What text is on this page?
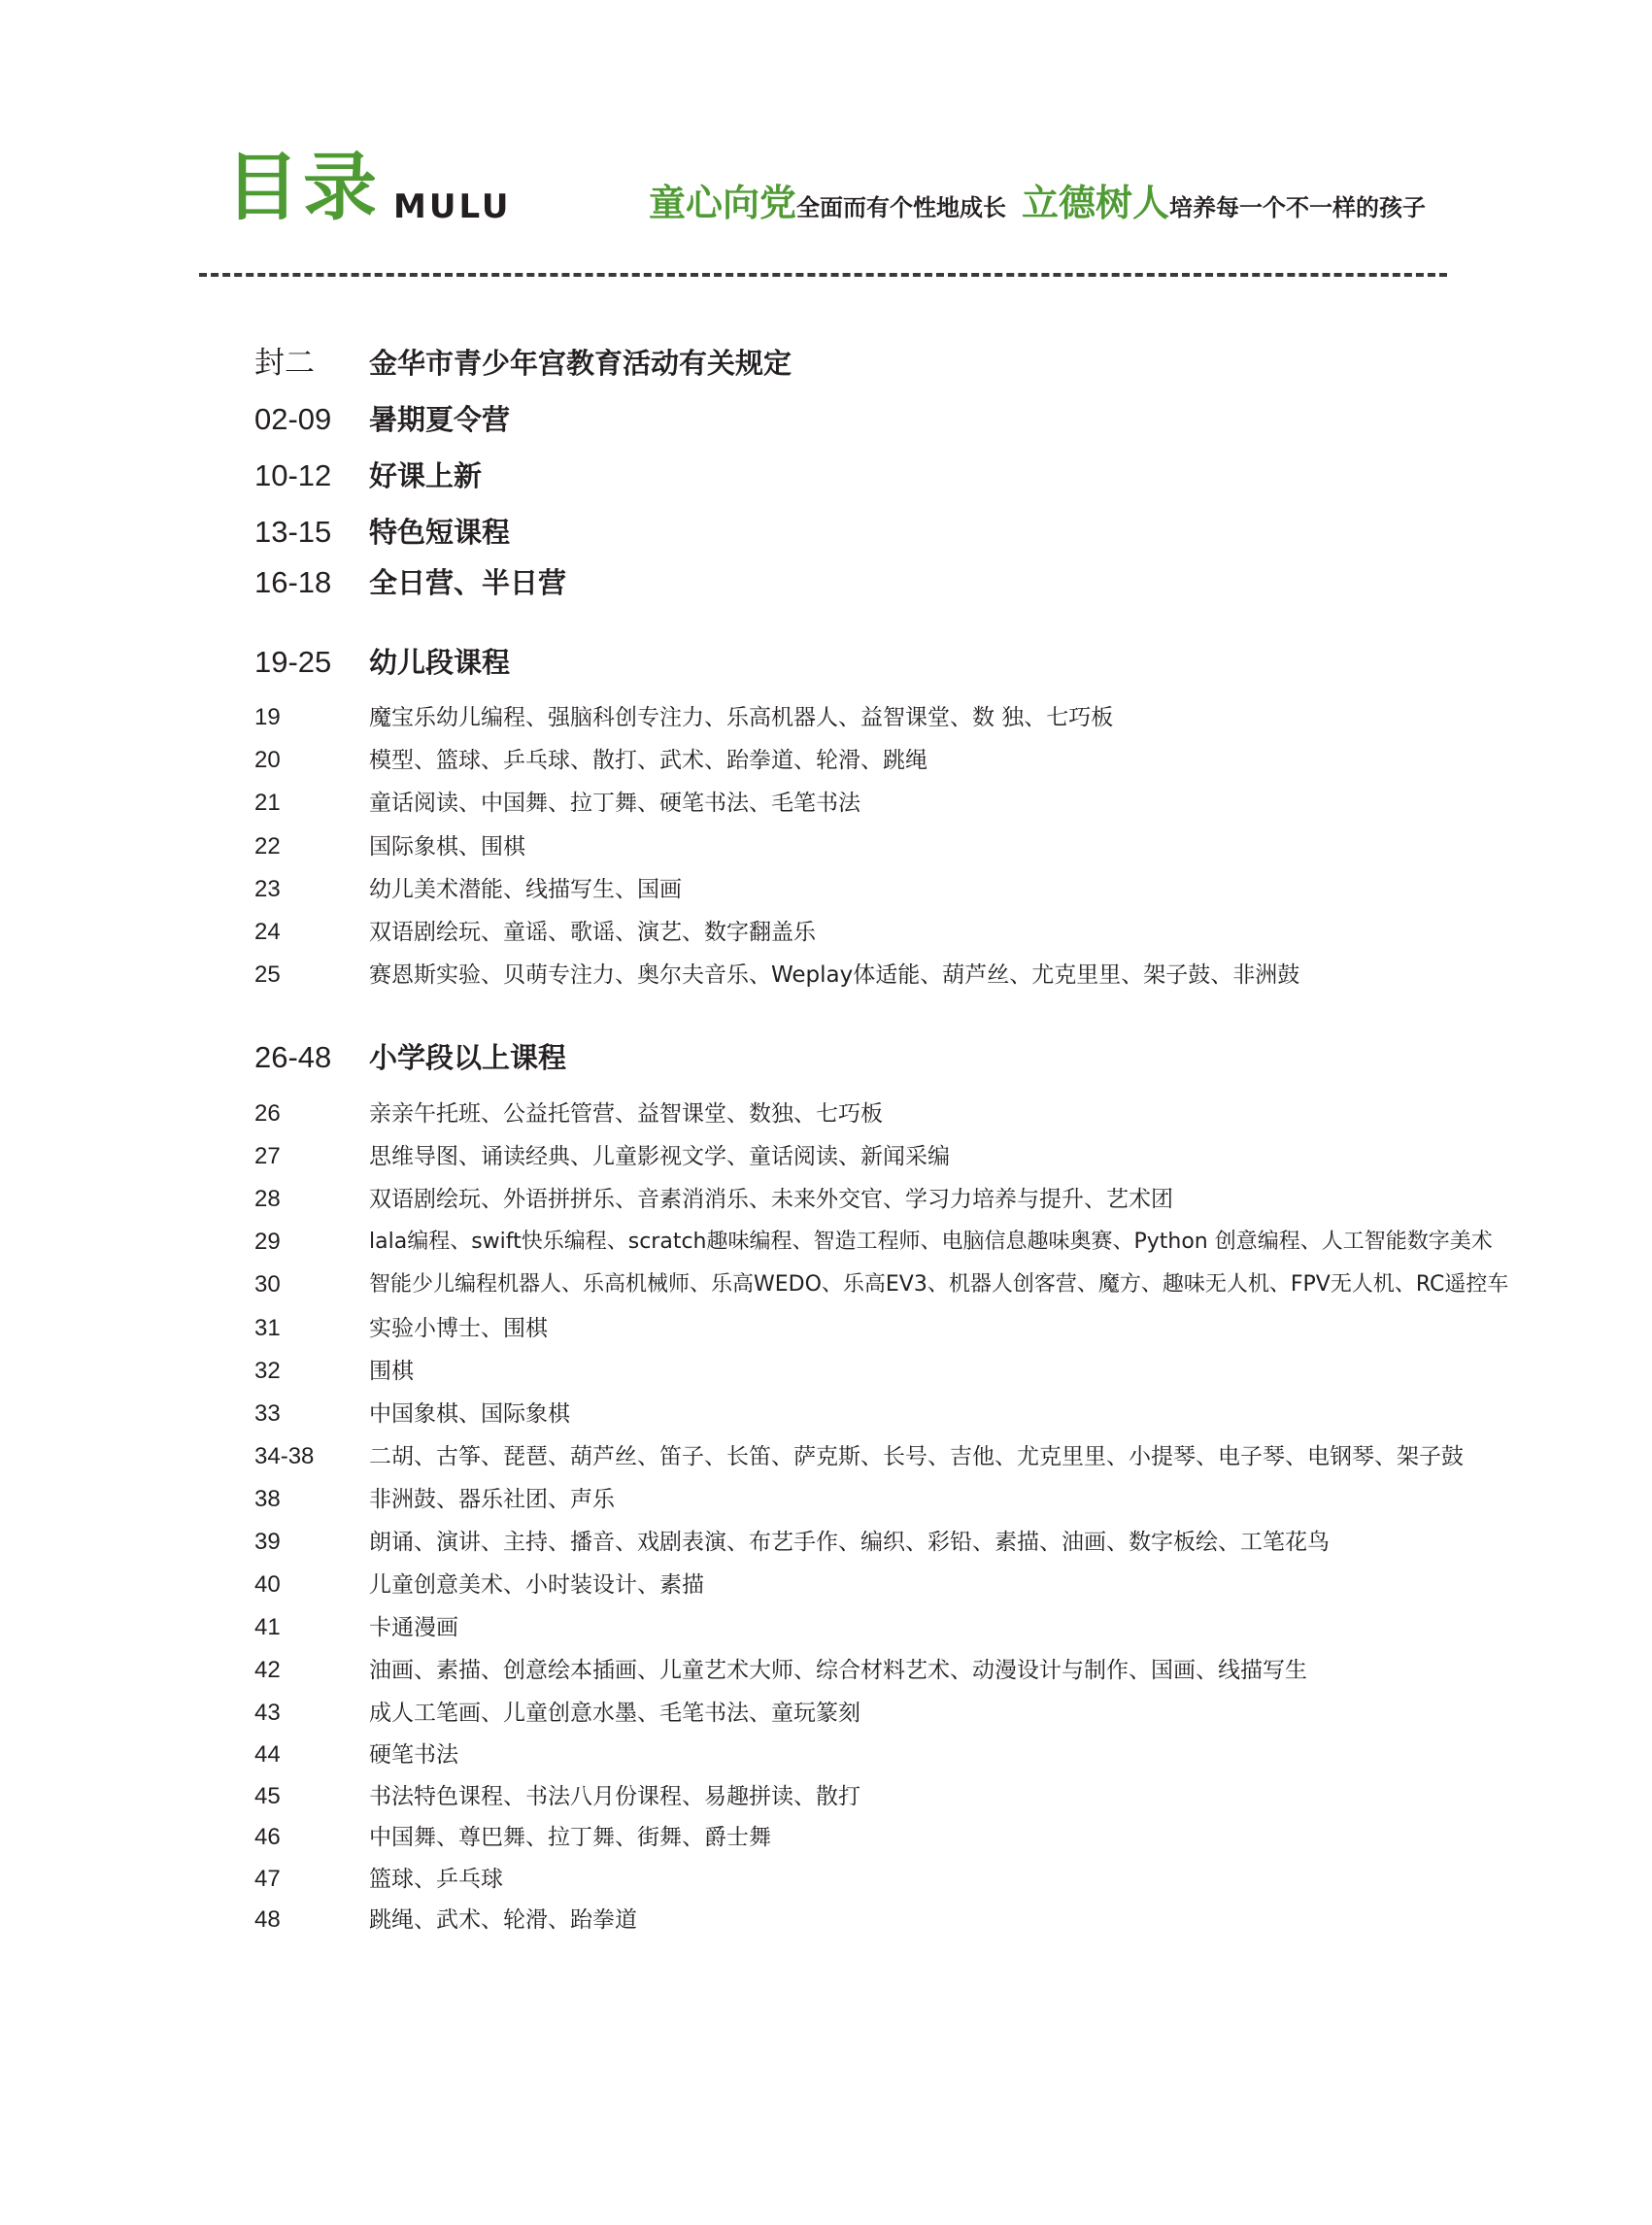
目录 MULU	童心向党全面而有个性地成长 立德树人培养每一个不一样的孩子
封二 金华市青少年宫教育活动有关规定
02-09 暑期夏令营
10-12 好课上新
13-15 特色短课程
16-18 全日营、半日营
19-25 幼儿段课程
19	魔宝乐幼儿编程、强脑科创专注力、乐高机器人、益智课堂、数 独、七巧板
20	模型、篮球、乒乓球、散打、武术、跆拳道、轮滑、跳绳
21	童话阅读、中国舞、拉丁舞、硬笔书法、毛笔书法
22	国际象棋、围棋
23	幼儿美术潜能、线描写生、国画
24	双语剧绘玩、童谣、歌谣、演艺、数字翻盖乐
25	赛恩斯实验、贝萌专注力、奥尔夫音乐、Weplay体适能、葫芦丝、尤克里里、架子鼓、非洲鼓
26-48 小学段以上课程
26	亲亲午托班、公益托管营、益智课堂、数独、七巧板
27	思维导图、诵读经典、儿童影视文学、童话阅读、新闻采编
28	双语剧绘玩、外语拼拼乐、音素消消乐、未来外交官、学习力培养与提升、艺术团
29	lala编程、swift快乐编程、scratch趣味编程、智造工程师、电脑信息趣味奥赛、Python 创意编程、人工智能数字美术
30	智能少儿编程机器人、乐高机械师、乐高WEDO、乐高EV3、机器人创客营、魔方、趣味无人机、FPV无人机、RC遥控车
31	实验小博士、围棋
32	围棋
33	中国象棋、国际象棋
34-38 二胡、古筝、琵琶、葫芦丝、笛子、长笛、萨克斯、长号、吉他、尤克里里、小提琴、电子琴、电钢琴、架子鼓
38	非洲鼓、器乐社团、声乐
39	朗诵、演讲、主持、播音、戏剧表演、布艺手作、编织、彩铅、素描、油画、数字板绘、工笔花鸟
40	儿童创意美术、小时装设计、素描
41	卡通漫画
42	油画、素描、创意绘本插画、儿童艺术大师、综合材料艺术、动漫设计与制作、国画、线描写生
43	成人工笔画、儿童创意水墨、毛笔书法、童玩篆刻
44	硬笔书法
45	书法特色课程、书法八月份课程、易趣拼读、散打
46	中国舞、尊巴舞、拉丁舞、街舞、爵士舞
47	篮球、乒乓球
48	跳绳、武术、轮滑、跆拳道
